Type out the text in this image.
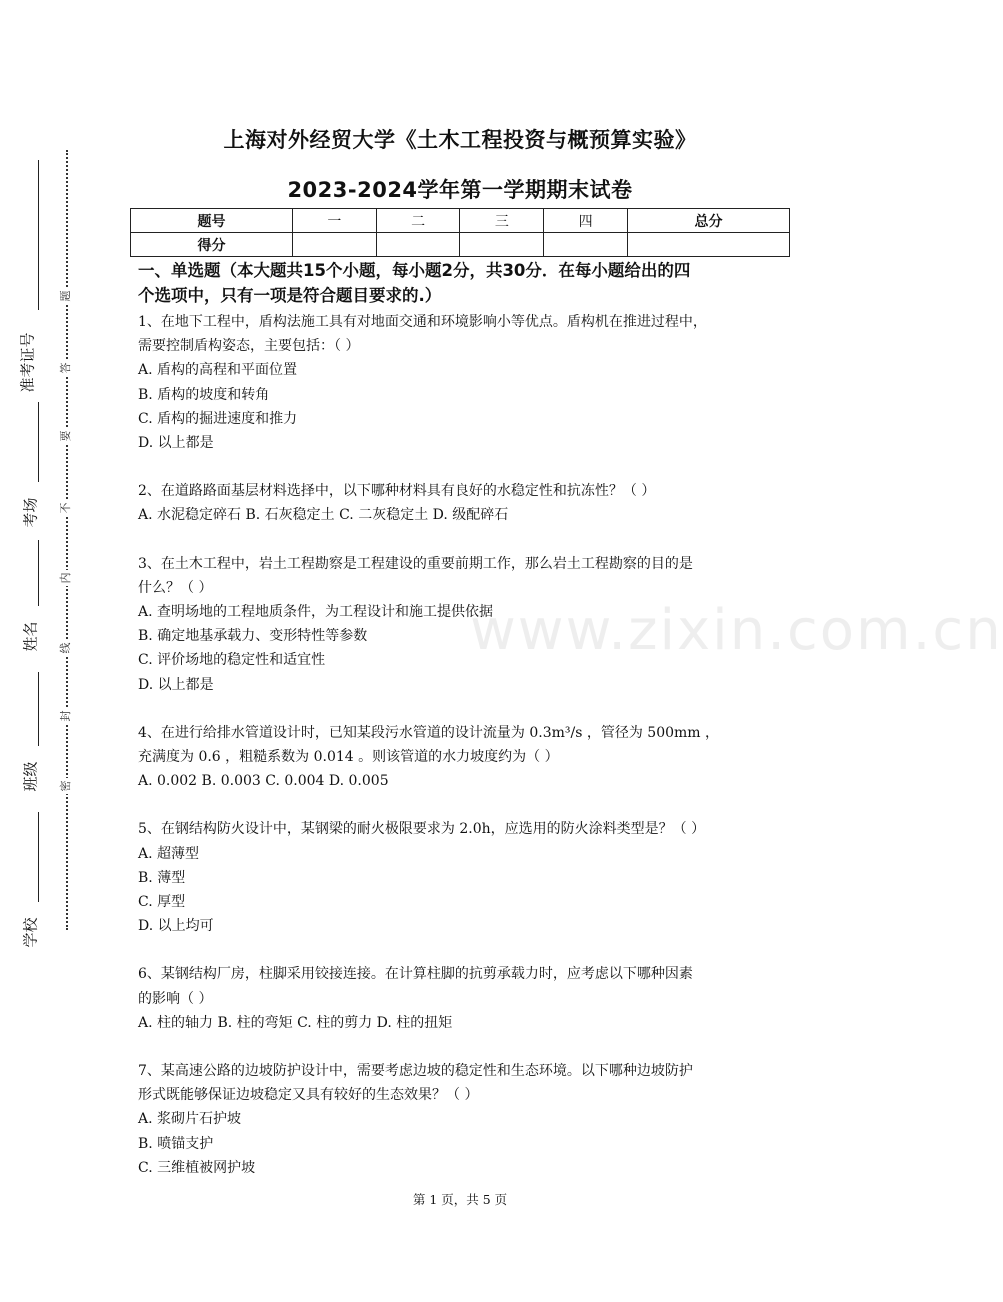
准考证号
考场
姓名
班级
学校
题
答
要
不
内
线
封
密
上海对外经贸大学《土木工程投资与概预算实验》
2023-2024学年第一学期期末试卷
题号	一	二	三	四	总分
得分					
www.zixin.com.cn
一、单选题（本大题共15个小题，每小题2分，共30分．在每小题给出的四
个选项中，只有一项是符合题目要求的.）

1、在地下工程中，盾构法施工具有对地面交通和环境影响小等优点。盾构机在推进过程中，

需要控制盾构姿态，主要包括：（ ）

A. 盾构的高程和平面位置

B. 盾构的坡度和转角

C. 盾构的掘进速度和推力

D. 以上都是

2、在道路路面基层材料选择中，以下哪种材料具有良好的水稳定性和抗冻性？（ ）

A. 水泥稳定碎石 B. 石灰稳定土 C. 二灰稳定土 D. 级配碎石

3、在土木工程中，岩土工程勘察是工程建设的重要前期工作，那么岩土工程勘察的目的是

什么？（ ）

A. 查明场地的工程地质条件，为工程设计和施工提供依据

B. 确定地基承载力、变形特性等参数

C. 评价场地的稳定性和适宜性

D. 以上都是

4、在进行给排水管道设计时，已知某段污水管道的设计流量为 0.3m³/s ，管径为 500mm ，

充满度为 0.6 ，粗糙系数为 0.014 。则该管道的水力坡度约为（ ）

A. 0.002 B. 0.003 C. 0.004 D. 0.005

5、在钢结构防火设计中，某钢梁的耐火极限要求为 2.0h，应选用的防火涂料类型是？（ ）

A. 超薄型

B. 薄型

C. 厚型

D. 以上均可

6、某钢结构厂房，柱脚采用铰接连接。在计算柱脚的抗剪承载力时，应考虑以下哪种因素

的影响（ ）

A. 柱的轴力 B. 柱的弯矩 C. 柱的剪力 D. 柱的扭矩

7、某高速公路的边坡防护设计中，需要考虑边坡的稳定性和生态环境。以下哪种边坡防护

形式既能够保证边坡稳定又具有较好的生态效果？（ ）

A. 浆砌片石护坡

B. 喷锚支护

C. 三维植被网护坡

第 1 页，共 5 页
